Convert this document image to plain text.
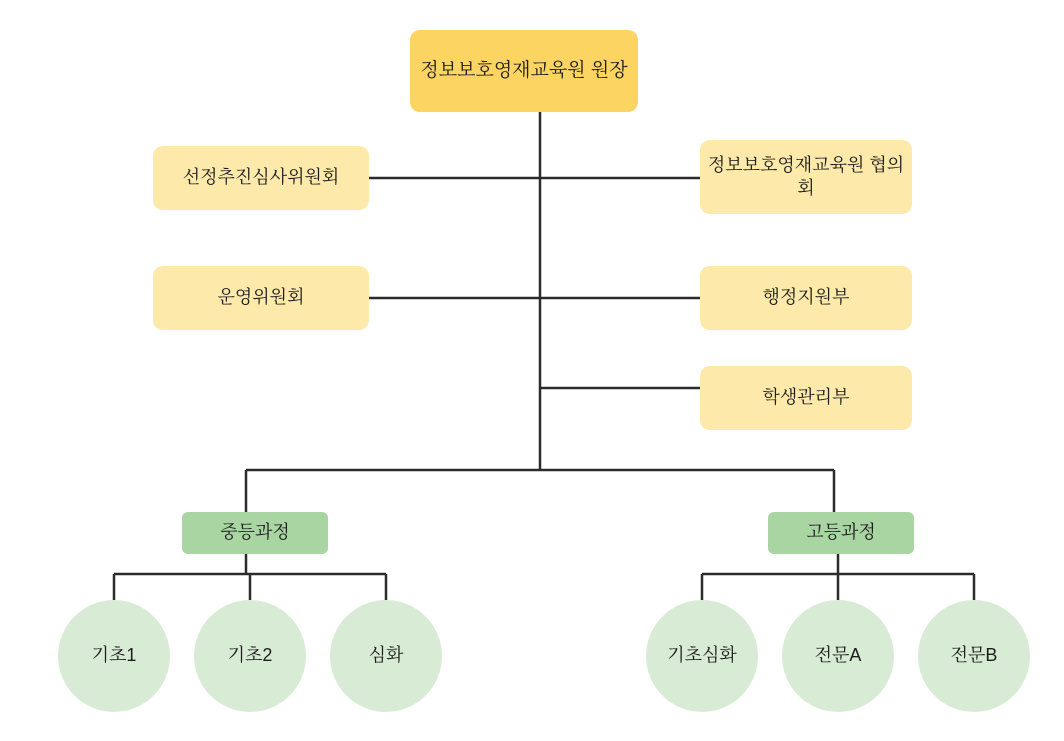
정보보호영재교육원 원장
선정추진심사위원회
정보보호영재교육원 협의회
운영위원회	행정지원부
학생관리부
중등과정	고등과정
기초1	기초2	심화	기초심화	전문A	전문B
